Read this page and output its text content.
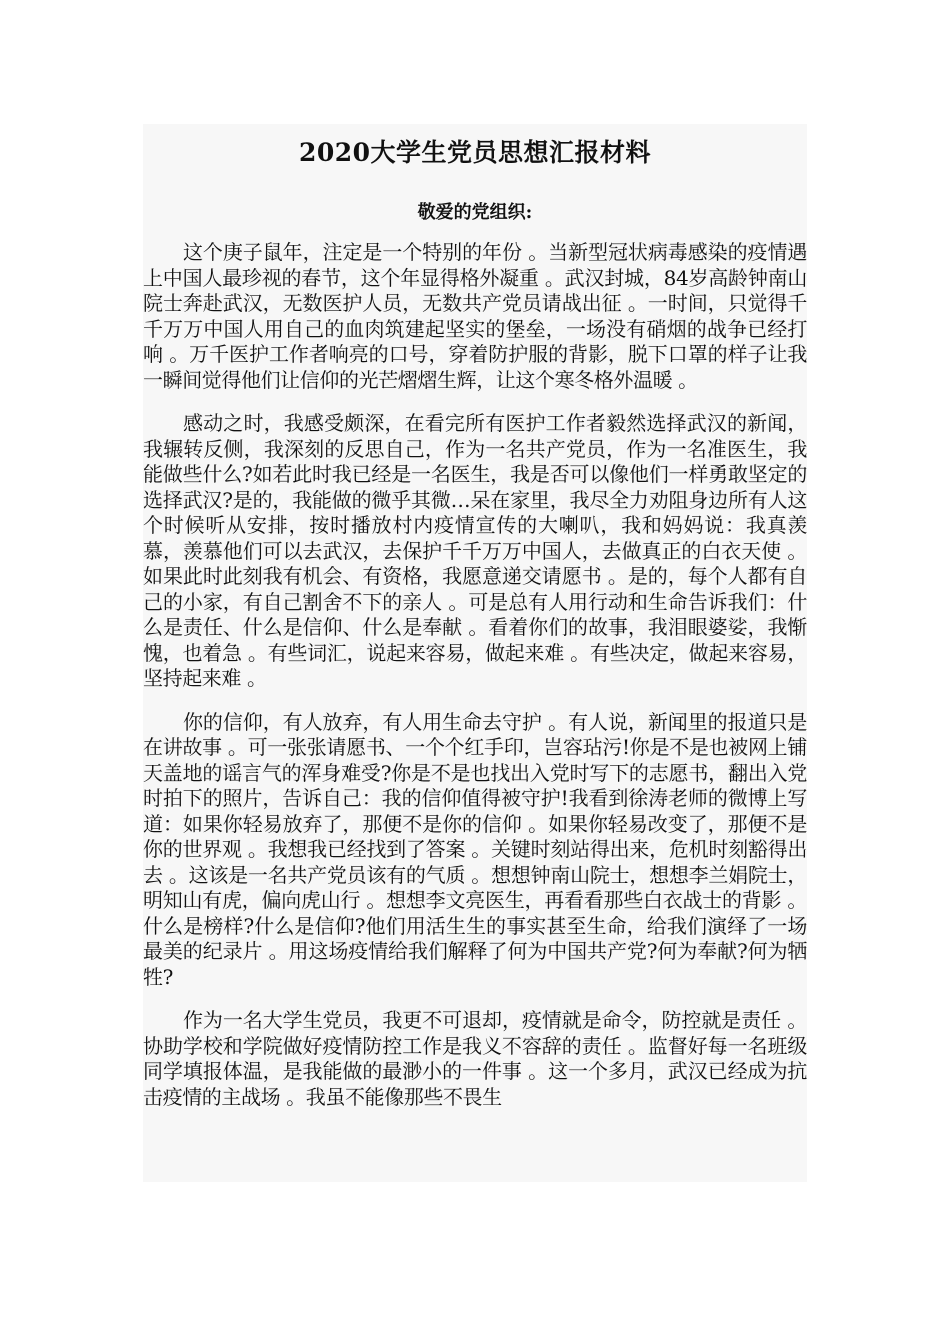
2020大学生党员思想汇报材料
敬爱的党组织:

这个庚子鼠年，注定是一个特别的年份 。当新型冠状病毒感染的疫情遇上中国人最珍视的春节，这个年显得格外凝重 。武汉封城，84岁高龄钟南山院士奔赴武汉，无数医护人员，无数共产党员请战出征 。一时间，只觉得千千万万中国人用自己的血肉筑建起坚实的堡垒，一场没有硝烟的战争已经打响 。万千医护工作者响亮的口号，穿着防护服的背影，脱下口罩的样子让我一瞬间觉得他们让信仰的光芒熠熠生辉，让这个寒冬格外温暖 。

感动之时，我感受颇深，在看完所有医护工作者毅然选择武汉的新闻，我辗转反侧，我深刻的反思自己，作为一名共产党员，作为一名准医生，我能做些什么?如若此时我已经是一名医生，我是否可以像他们一样勇敢坚定的选择武汉?是的，我能做的微乎其微…呆在家里，我尽全力劝阻身边所有人这个时候听从安排，按时播放村内疫情宣传的大喇叭，我和妈妈说：我真羡慕，羡慕他们可以去武汉，去保护千千万万中国人，去做真正的白衣天使 。如果此时此刻我有机会、有资格，我愿意递交请愿书 。是的，每个人都有自己的小家，有自己割舍不下的亲人 。可是总有人用行动和生命告诉我们：什么是责任、什么是信仰、什么是奉献 。看着你们的故事，我泪眼婆娑，我惭愧，也着急 。有些词汇，说起来容易，做起来难 。有些决定，做起来容易，坚持起来难 。

你的信仰，有人放弃，有人用生命去守护 。有人说，新闻里的报道只是在讲故事 。可一张张请愿书、一个个红手印，岂容玷污!你是不是也被网上铺天盖地的谣言气的浑身难受?你是不是也找出入党时写下的志愿书，翻出入党时拍下的照片，告诉自己：我的信仰值得被守护!我看到徐涛老师的微博上写道：如果你轻易放弃了，那便不是你的信仰 。如果你轻易改变了，那便不是你的世界观 。我想我已经找到了答案 。关键时刻站得出来，危机时刻豁得出去 。这该是一名共产党员该有的气质 。想想钟南山院士，想想李兰娟院士，明知山有虎，偏向虎山行 。想想李文亮医生，再看看那些白衣战士的背影 。什么是榜样?什么是信仰?他们用活生生的事实甚至生命，给我们演绎了一场最美的纪录片 。用这场疫情给我们解释了何为中国共产党?何为奉献?何为牺牲?

作为一名大学生党员，我更不可退却，疫情就是命令，防控就是责任 。协助学校和学院做好疫情防控工作是我义不容辞的责任 。监督好每一名班级同学填报体温，是我能做的最渺小的一件事 。这一个多月，武汉已经成为抗击疫情的主战场 。我虽不能像那些不畏生
